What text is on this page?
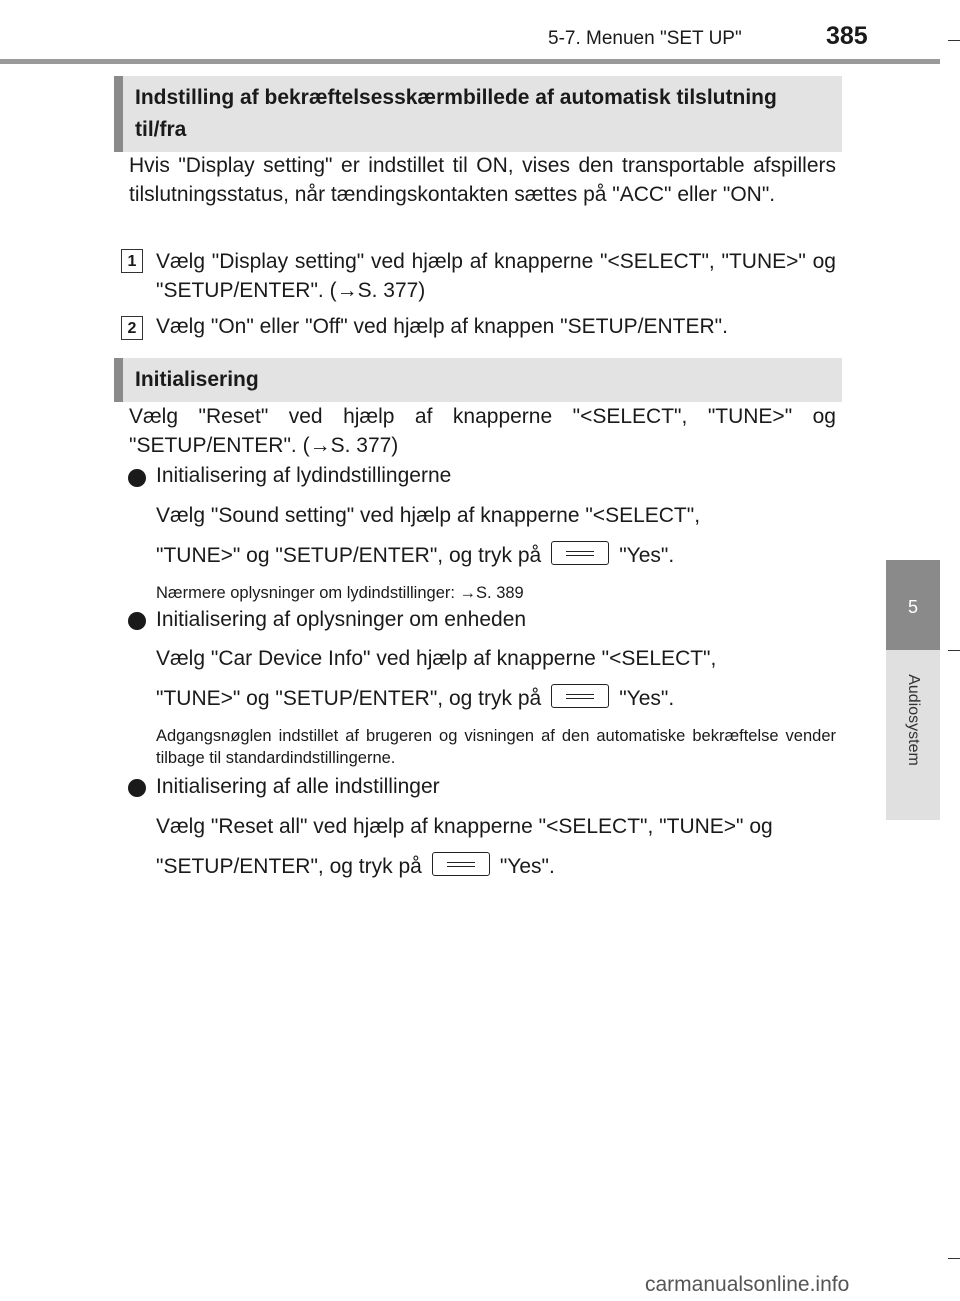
5-7. Menuen "SET UP"	385
5
Audiosystem
Indstilling af bekræftelsesskærmbillede af automatisk tilslutning til/fra
Hvis "Display setting" er indstillet til ON, vises den transportable afspillers tilslutningsstatus, når tændingskontakten sættes på "ACC" eller "ON".
1 Vælg "Display setting" ved hjælp af knapperne "<SELECT", "TUNE>" og "SETUP/ENTER". (→S. 377)
2 Vælg "On" eller "Off" ved hjælp af knappen "SETUP/ENTER".
Initialisering
Vælg "Reset" ved hjælp af knapperne "<SELECT", "TUNE>" og "SETUP/ENTER". (→S. 377)
Initialisering af lydindstillingerne
Vælg "Sound setting" ved hjælp af knapperne "<SELECT",
"TUNE>" og "SETUP/ENTER", og tryk på	"Yes".
Nærmere oplysninger om lydindstillinger: →S. 389
Initialisering af oplysninger om enheden
Vælg "Car Device Info" ved hjælp af knapperne "<SELECT",
"TUNE>" og "SETUP/ENTER", og tryk på	"Yes".
Adgangsnøglen indstillet af brugeren og visningen af den automatiske bekræftelse vender tilbage til standardindstillingerne.
Initialisering af alle indstillinger
Vælg "Reset all" ved hjælp af knapperne "<SELECT", "TUNE>" og
"SETUP/ENTER", og tryk på	"Yes".
carmanualsonline.info
